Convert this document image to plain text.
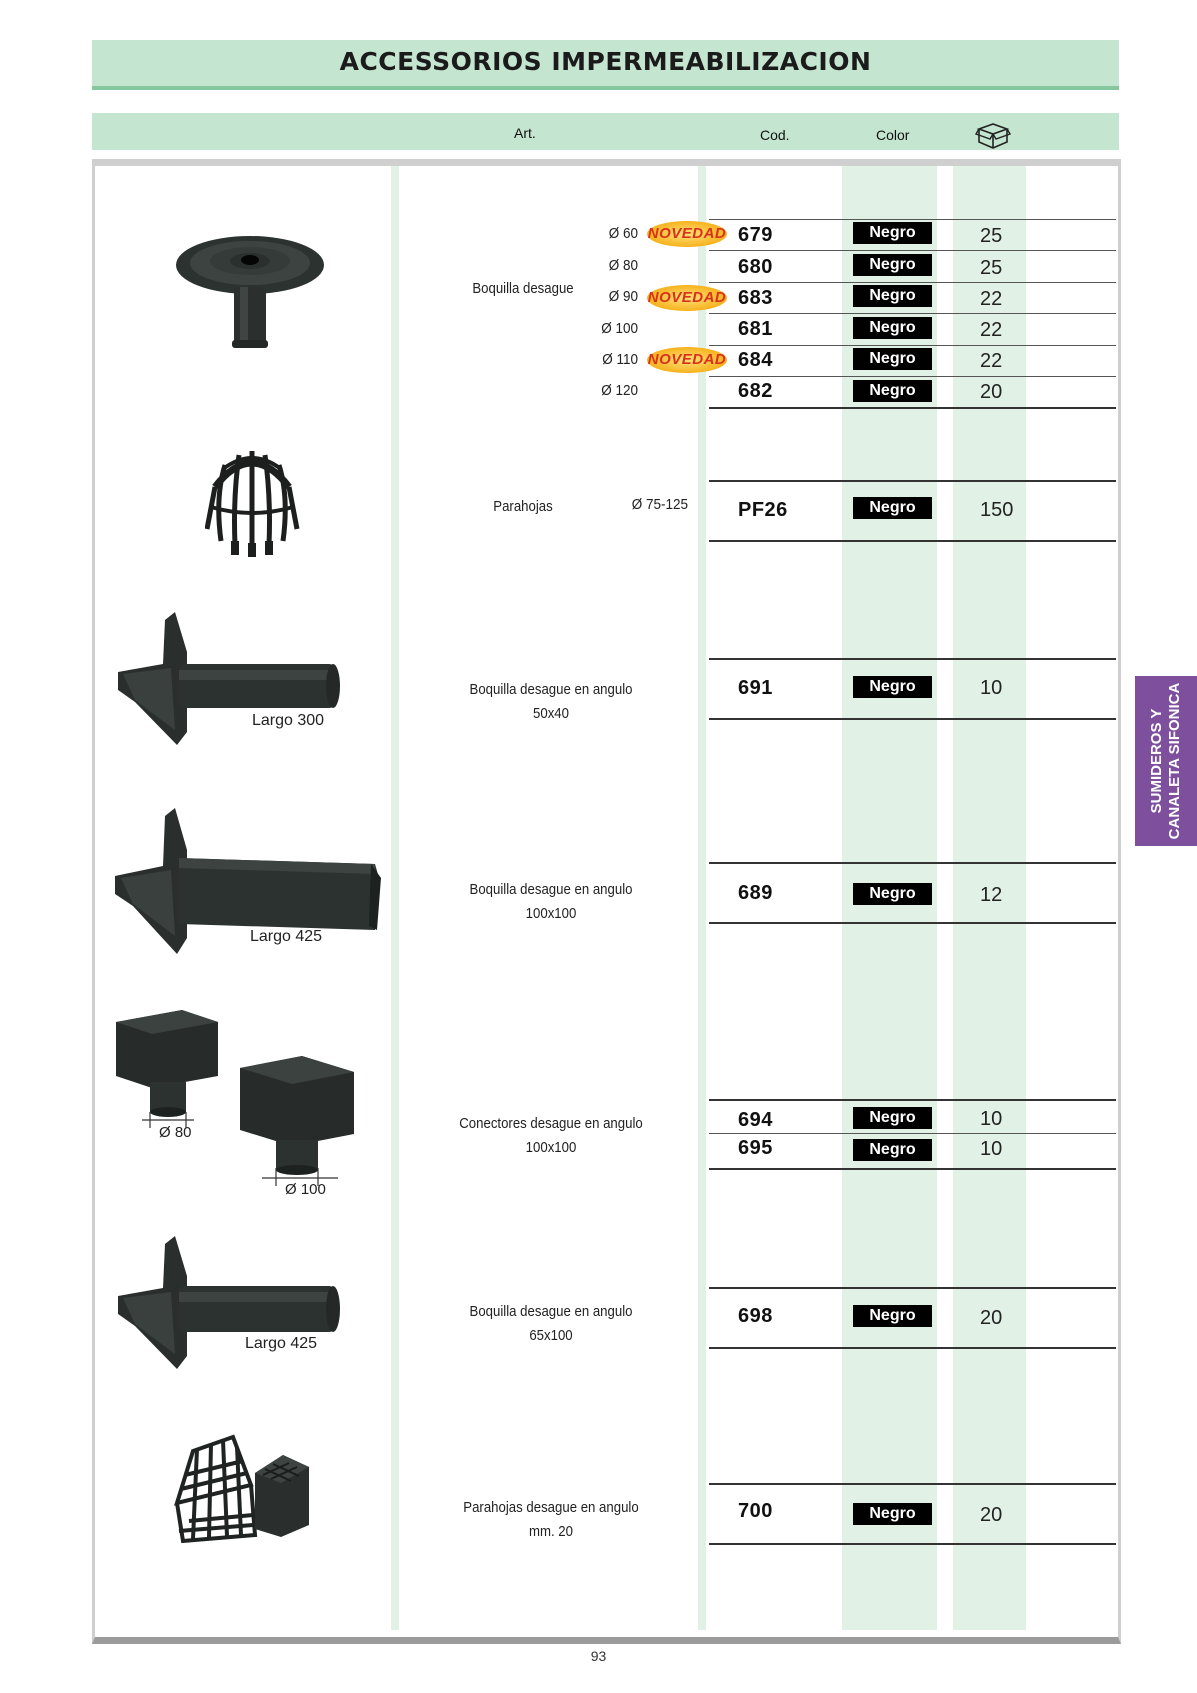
ACCESSORIOS IMPERMEABILIZACION
Art.	Cod.	Color
Boquilla desague
Ø 60 NOVEDAD 679	Negro	25
Ø 80	680	Negro	25
Ø 90 NOVEDAD 683	Negro	22
Ø 100	681	Negro	22
Ø 110 NOVEDAD 684	Negro	22
Ø 120	682	Negro	20
Parahojas	Ø 75-125	PF26	Negro	150
Largo 300
Boquilla desague en angulo
50x40
691	Negro	10
Largo 425
Boquilla desague en angulo
100x100
689	Negro	12
Ø 80
Ø 100
Conectores desague en angulo
100x100
694	Negro	10
695	Negro	10
Largo 425
Boquilla desague en angulo
65x100
698	Negro	20
Parahojas desague en angulo
mm. 20
700	Negro	20
SUMIDEROS Y CANALETA SIFONICA
93
